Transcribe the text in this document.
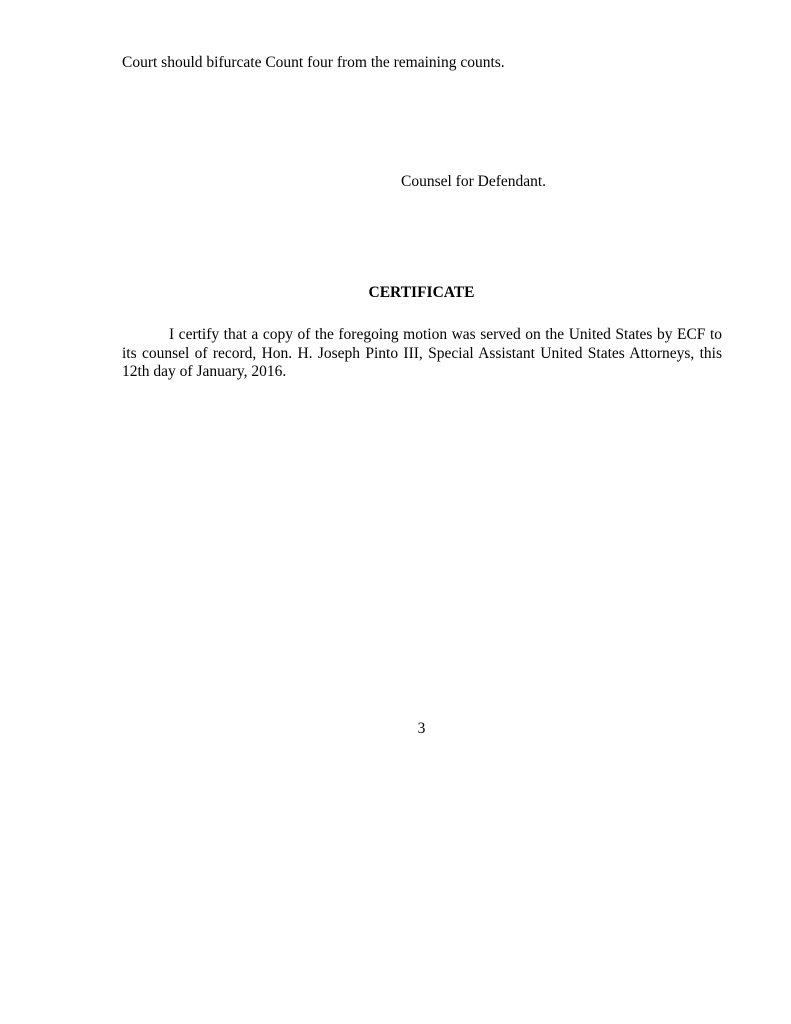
Court should bifurcate Count four from the remaining counts.
Counsel for Defendant.
CERTIFICATE

I certify that a copy of the foregoing motion was served on the United States by ECF to its counsel of record, Hon. H. Joseph Pinto III, Special Assistant United States Attorneys, this 12th day of January, 2016.

3
